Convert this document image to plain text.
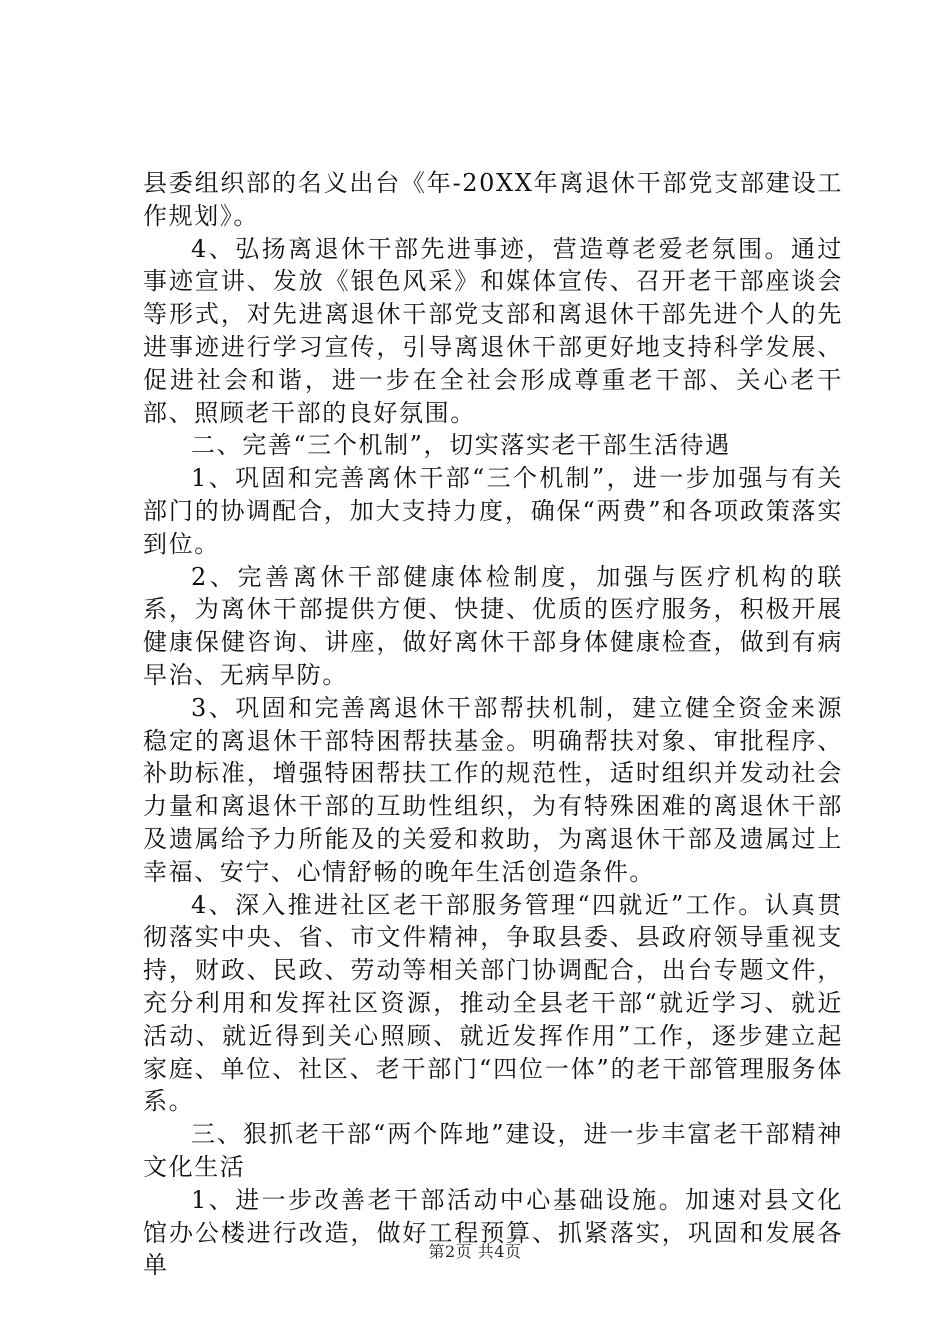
县委组织部的名义出台《年-20XX年离退休干部党支部建设工作规划》。

4、弘扬离退休干部先进事迹，营造尊老爱老氛围。通过事迹宣讲、发放《银色风采》和媒体宣传、召开老干部座谈会等形式，对先进离退休干部党支部和离退休干部先进个人的先进事迹进行学习宣传，引导离退休干部更好地支持科学发展、促进社会和谐，进一步在全社会形成尊重老干部、关心老干部、照顾老干部的良好氛围。

二、完善“三个机制”，切实落实老干部生活待遇

1、巩固和完善离休干部“三个机制”，进一步加强与有关部门的协调配合，加大支持力度，确保“两费”和各项政策落实到位。

2、完善离休干部健康体检制度，加强与医疗机构的联系，为离休干部提供方便、快捷、优质的医疗服务，积极开展健康保健咨询、讲座，做好离休干部身体健康检查，做到有病早治、无病早防。

3、巩固和完善离退休干部帮扶机制，建立健全资金来源稳定的离退休干部特困帮扶基金。明确帮扶对象、审批程序、补助标准，增强特困帮扶工作的规范性，适时组织并发动社会力量和离退休干部的互助性组织，为有特殊困难的离退休干部及遗属给予力所能及的关爱和救助，为离退休干部及遗属过上幸福、安宁、心情舒畅的晚年生活创造条件。

4、深入推进社区老干部服务管理“四就近”工作。认真贯彻落实中央、省、市文件精神，争取县委、县政府领导重视支持，财政、民政、劳动等相关部门协调配合，出台专题文件，充分利用和发挥社区资源，推动全县老干部“就近学习、就近活动、就近得到关心照顾、就近发挥作用”工作，逐步建立起家庭、单位、社区、老干部门“四位一体”的老干部管理服务体系。

三、狠抓老干部“两个阵地”建设，进一步丰富老干部精神文化生活

1、进一步改善老干部活动中心基础设施。加速对县文化馆办公楼进行改造，做好工程预算、抓紧落实，巩固和发展各单	第2页 共4页
